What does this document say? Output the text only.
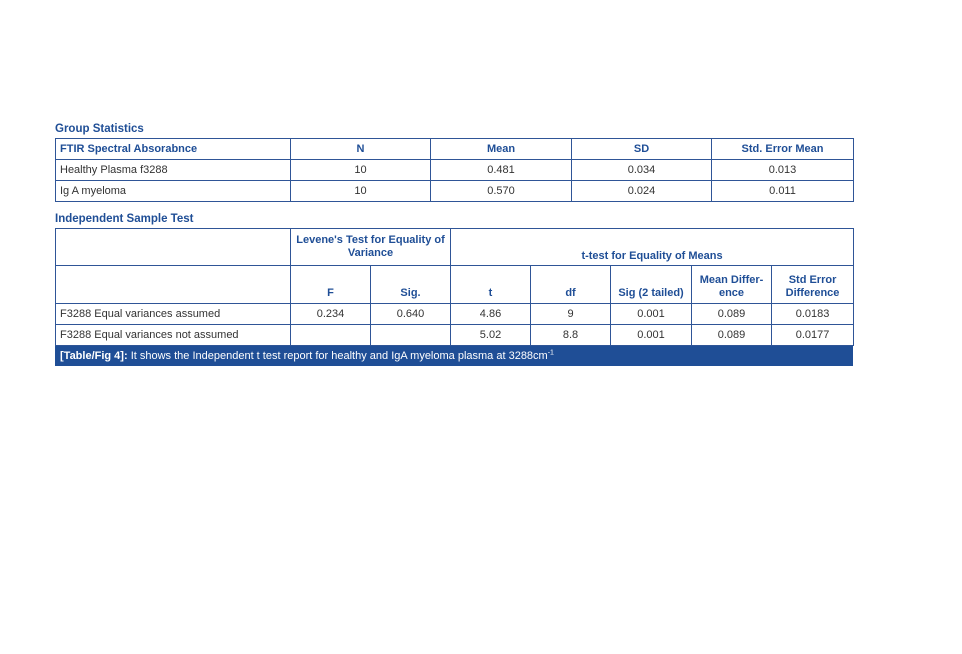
Group Statistics
FTIR Spectral Absorabnce	N	Mean	SD	Std. Error Mean
Healthy Plasma f3288	10	0.481	0.034	0.013
Ig A myeloma	10	0.570	0.024	0.011
Independent Sample Test
	Levene's Test for Equality of Variance		t-test for Equality of Means				
	F	Sig.	t	df	Sig (2 tailed)	Mean Differ-ence	Std Error Difference
F3288 Equal variances assumed	0.234	0.640	4.86	9	0.001	0.089	0.0183
F3288 Equal variances not assumed			5.02	8.8	0.001	0.089	0.0177
[Table/Fig 4]: It shows the Independent t test report for healthy and IgA myeloma plasma at $3288cm^{-1}$
